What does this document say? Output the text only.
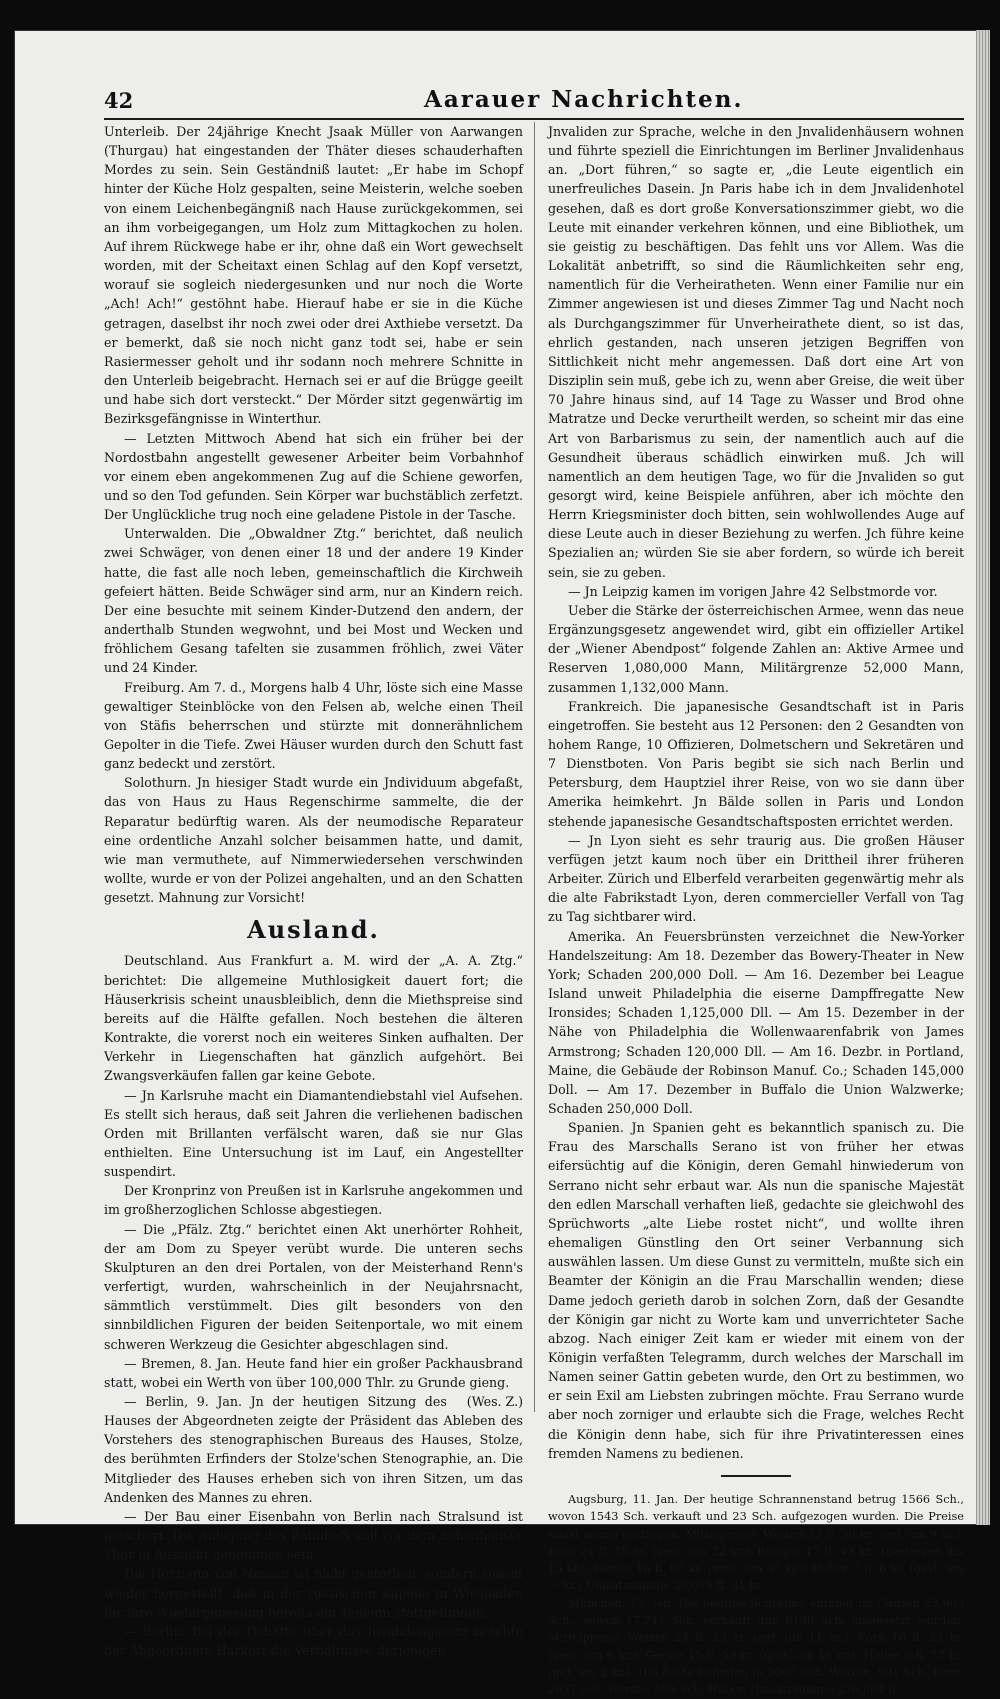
42	Aarauer Nachrichten.

Unterleib. Der 24jährige Knecht Jsaak Müller von Aarwangen (Thurgau) hat eingestanden der Thäter dieses schauderhaften Mordes zu sein. Sein Geständniß lautet: „Er habe im Schopf hinter der Küche Holz gespalten, seine Meisterin, welche soeben von einem Leichenbegängniß nach Hause zurückgekommen, sei an ihm vorbeigegangen, um Holz zum Mittagkochen zu holen. Auf ihrem Rückwege habe er ihr, ohne daß ein Wort gewechselt worden, mit der Scheitaxt einen Schlag auf den Kopf versetzt, worauf sie sogleich niedergesunken und nur noch die Worte „Ach! Ach!“ gestöhnt habe. Hierauf habe er sie in die Küche getragen, daselbst ihr noch zwei oder drei Axthiebe versetzt. Da er bemerkt, daß sie noch nicht ganz todt sei, habe er sein Rasiermesser geholt und ihr sodann noch mehrere Schnitte in den Unterleib beigebracht. Hernach sei er auf die Brügge geeilt und habe sich dort versteckt.“ Der Mörder sitzt gegenwärtig im Bezirksgefängnisse in Winterthur.

— Letzten Mittwoch Abend hat sich ein früher bei der Nordostbahn angestellt gewesener Arbeiter beim Vorbahnhof vor einem eben angekommenen Zug auf die Schiene geworfen, und so den Tod gefunden. Sein Körper war buchstäblich zerfetzt. Der Unglückliche trug noch eine geladene Pistole in der Tasche.

Unterwalden. Die „Obwaldner Ztg.“ berichtet, daß neulich zwei Schwäger, von denen einer 18 und der andere 19 Kinder hatte, die fast alle noch leben, gemeinschaftlich die Kirchweih gefeiert hätten. Beide Schwäger sind arm, nur an Kindern reich. Der eine besuchte mit seinem Kinder-Dutzend den andern, der anderthalb Stunden wegwohnt, und bei Most und Wecken und fröhlichem Gesang tafelten sie zusammen fröhlich, zwei Väter und 24 Kinder.

Freiburg. Am 7. d., Morgens halb 4 Uhr, löste sich eine Masse gewaltiger Steinblöcke von den Felsen ab, welche einen Theil von Stäfis beherrschen und stürzte mit donnerähnlichem Gepolter in die Tiefe. Zwei Häuser wurden durch den Schutt fast ganz bedeckt und zerstört.

Solothurn. Jn hiesiger Stadt wurde ein Jndividuum abgefaßt, das von Haus zu Haus Regenschirme sammelte, die der Reparatur bedürftig waren. Als der neumodische Reparateur eine ordentliche Anzahl solcher beisammen hatte, und damit, wie man vermuthete, auf Nimmerwiedersehen verschwinden wollte, wurde er von der Polizei angehalten, und an den Schatten gesetzt. Mahnung zur Vorsicht!

Ausland.

Deutschland. Aus Frankfurt a. M. wird der „A. A. Ztg.“ berichtet: Die allgemeine Muthlosigkeit dauert fort; die Häuserkrisis scheint unausbleiblich, denn die Miethspreise sind bereits auf die Hälfte gefallen. Noch bestehen die älteren Kontrakte, die vorerst noch ein weiteres Sinken aufhalten. Der Verkehr in Liegenschaften hat gänzlich aufgehört. Bei Zwangsverkäufen fallen gar keine Gebote.

— Jn Karlsruhe macht ein Diamantendiebstahl viel Aufsehen. Es stellt sich heraus, daß seit Jahren die verliehenen badischen Orden mit Brillanten verfälscht waren, daß sie nur Glas enthielten. Eine Untersuchung ist im Lauf, ein Angestellter suspendirt.

Der Kronprinz von Preußen ist in Karlsruhe angekommen und im großherzoglichen Schlosse abgestiegen.

— Die „Pfälz. Ztg.“ berichtet einen Akt unerhörter Rohheit, der am Dom zu Speyer verübt wurde. Die unteren sechs Skulpturen an den drei Portalen, von der Meisterhand Renn's verfertigt, wurden, wahrscheinlich in der Neujahrsnacht, sämmtlich verstümmelt. Dies gilt besonders von den sinnbildlichen Figuren der beiden Seitenportale, wo mit einem schweren Werkzeug die Gesichter abgeschlagen sind.

— Bremen, 8. Jan. Heute fand hier ein großer Packhausbrand statt, wobei ein Werth von über 100,000 Thlr. zu Grunde gieng.
(Wes. Z.)

— Berlin, 9. Jan. Jn der heutigen Sitzung des Hauses der Abgeordneten zeigte der Präsident das Ableben des Vorstehers des stenographischen Bureaus des Hauses, Stolze, des berühmten Erfinders der Stolze'schen Stenographie, an. Die Mitglieder des Hauses erheben sich von ihren Sitzen, um das Andenken des Mannes zu ehren.

— Der Bau einer Eisenbahn von Berlin nach Stralsund ist gesichert. Die Anlegung des Bahnhofs soll vor dem Schönhauser Thor in Aussicht genommen sein.

Die Herzogin von Nassau ist nicht gestorben, sondern soweit wieder hergestellt, daß in der russischen Kapelle in Wiesbaden für ihre Wiedergenesung bereits ein Tedeum stattgefunden.

— Berlin. Bei der Debatte über das Jnvalidengesetz brachte der Abgeordnete Harkort die Verhältnisse derjenigen

Jnvaliden zur Sprache, welche in den Jnvalidenhäusern wohnen und führte speziell die Einrichtungen im Berliner Jnvalidenhaus an. „Dort führen,“ so sagte er, „die Leute eigentlich ein unerfreuliches Dasein. Jn Paris habe ich in dem Jnvalidenhotel gesehen, daß es dort große Konversationszimmer giebt, wo die Leute mit einander verkehren können, und eine Bibliothek, um sie geistig zu beschäftigen. Das fehlt uns vor Allem. Was die Lokalität anbetrifft, so sind die Räumlichkeiten sehr eng, namentlich für die Verheiratheten. Wenn einer Familie nur ein Zimmer angewiesen ist und dieses Zimmer Tag und Nacht noch als Durchgangszimmer für Unverheirathete dient, so ist das, ehrlich gestanden, nach unseren jetzigen Begriffen von Sittlichkeit nicht mehr angemessen. Daß dort eine Art von Disziplin sein muß, gebe ich zu, wenn aber Greise, die weit über 70 Jahre hinaus sind, auf 14 Tage zu Wasser und Brod ohne Matratze und Decke verurtheilt werden, so scheint mir das eine Art von Barbarismus zu sein, der namentlich auch auf die Gesundheit überaus schädlich einwirken muß. Jch will namentlich an dem heutigen Tage, wo für die Jnvaliden so gut gesorgt wird, keine Beispiele anführen, aber ich möchte den Herrn Kriegsminister doch bitten, sein wohlwollendes Auge auf diese Leute auch in dieser Beziehung zu werfen. Jch führe keine Spezialien an; würden Sie sie aber fordern, so würde ich bereit sein, sie zu geben.

— Jn Leipzig kamen im vorigen Jahre 42 Selbstmorde vor.

Ueber die Stärke der österreichischen Armee, wenn das neue Ergänzungsgesetz angewendet wird, gibt ein offizieller Artikel der „Wiener Abendpost“ folgende Zahlen an: Aktive Armee und Reserven 1,080,000 Mann, Militärgrenze 52,000 Mann, zusammen 1,132,000 Mann.

Frankreich. Die japanesische Gesandtschaft ist in Paris eingetroffen. Sie besteht aus 12 Personen: den 2 Gesandten von hohem Range, 10 Offizieren, Dolmetschern und Sekretären und 7 Dienstboten. Von Paris begibt sie sich nach Berlin und Petersburg, dem Hauptziel ihrer Reise, von wo sie dann über Amerika heimkehrt. Jn Bälde sollen in Paris und London stehende japanesische Gesandtschaftsposten errichtet werden.

— Jn Lyon sieht es sehr traurig aus. Die großen Häuser verfügen jetzt kaum noch über ein Drittheil ihrer früheren Arbeiter. Zürich und Elberfeld verarbeiten gegenwärtig mehr als die alte Fabrikstadt Lyon, deren commercieller Verfall von Tag zu Tag sichtbarer wird.

Amerika. An Feuersbrünsten verzeichnet die New-Yorker Handelszeitung: Am 18. Dezember das Bowery-Theater in New York; Schaden 200,000 Doll. — Am 16. Dezember bei League Island unweit Philadelphia die eiserne Dampffregatte New Ironsides; Schaden 1,125,000 Dll. — Am 15. Dezember in der Nähe von Philadelphia die Wollenwaarenfabrik von James Armstrong; Schaden 120,000 Dll. — Am 16. Dezbr. in Portland, Maine, die Gebäude der Robinson Manuf. Co.; Schaden 145,000 Doll. — Am 17. Dezember in Buffalo die Union Walzwerke; Schaden 250,000 Doll.

Spanien. Jn Spanien geht es bekanntlich spanisch zu. Die Frau des Marschalls Serano ist von früher her etwas eifersüchtig auf die Königin, deren Gemahl hinwiederum von Serrano nicht sehr erbaut war. Als nun die spanische Majestät den edlen Marschall verhaften ließ, gedachte sie gleichwohl des Sprüchworts „alte Liebe rostet nicht“, und wollte ihren ehemaligen Günstling den Ort seiner Verbannung sich auswählen lassen. Um diese Gunst zu vermitteln, mußte sich ein Beamter der Königin an die Frau Marschallin wenden; diese Dame jedoch gerieth darob in solchen Zorn, daß der Gesandte der Königin gar nicht zu Worte kam und unverrichteter Sache abzog. Nach einiger Zeit kam er wieder mit einem von der Königin verfaßten Telegramm, durch welches der Marschall im Namen seiner Gattin gebeten wurde, den Ort zu bestimmen, wo er sein Exil am Liebsten zubringen möchte. Frau Serrano wurde aber noch zorniger und erlaubte sich die Frage, welches Recht die Königin denn habe, sich für ihre Privatinteressen eines fremden Namens zu bedienen.

Augsburg, 11. Jan. Der heutige Schrannenstand betrug 1566 Sch., wovon 1543 Sch. verkauft und 23 Sch. aufgezogen wurden. Die Preise meist wenig gestiegen. Mittelpreise: Weizen 22 fl. 30 kr. (gef. um 9 kr.); Korn 24 fl. 15 kr. (gest. um 22 kr.); Roggen 17 fl. 43 kr.; (gestiegen um 13 kr.); Gerste 16 fl. 07 kr. (gest. um 37 kr.); Haber 7 fl. 6 kr. (gest. um — kr.) Umsatzsumme 26,015 fl. 31 kr.

München, 12. Jan. Die heutige Schranne enthielt im Ganzen 23,909 Sch., wovon 17,711 Sch. verkauft und 6198 Sch. eingesetzt wurden. Mittelpreise: Weizen 24 fl. 23 kr. (gef. um 11 kr.); Korn 16 fl. 23 kr. (gest. um 6 kr.); Gerste 15 fl. 53 kr. (gest. um 18 kr.); Haber 6 fl. 57 kr. (gef. um 2 kr.). Die Reste befinden in 2067 Sch. Weizen, 991 Sch. Korn, 2637 Sch. Gerste, 503 Sch. Haber. Umsatzsumme 276,804 fl.
